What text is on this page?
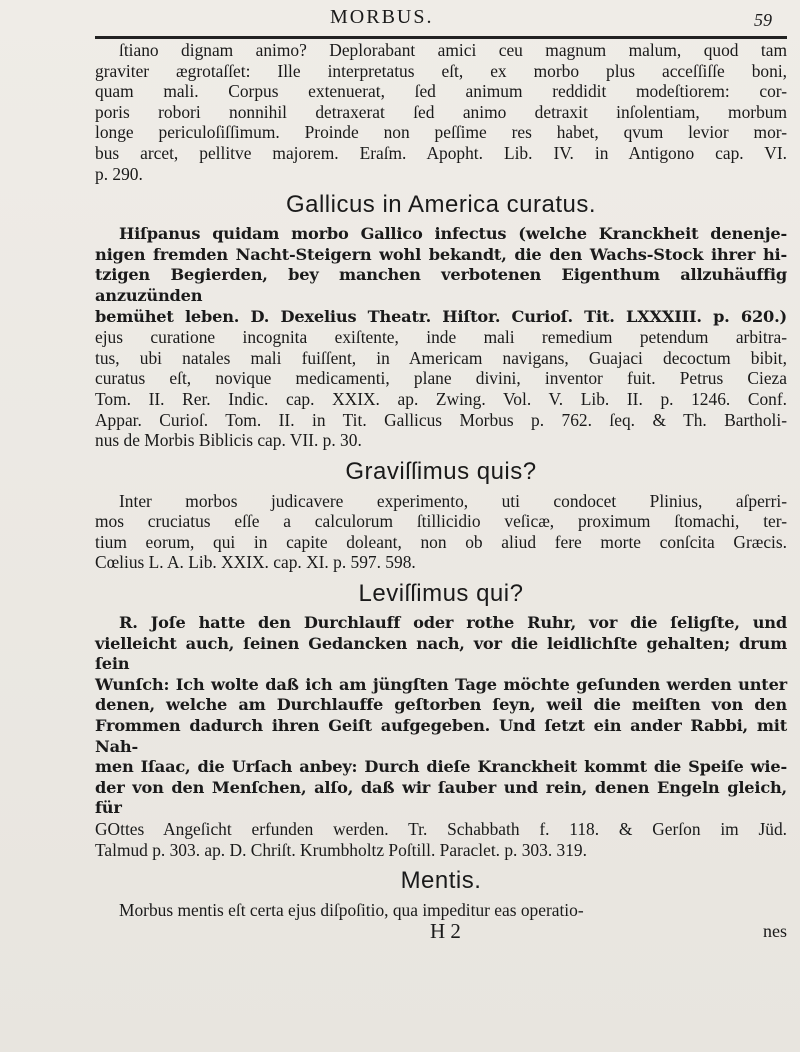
MORBUS.	59

ſtiano dignam animo? Deplorabant amici ceu magnum malum, quod tam
graviter ægrotaſſet: Ille interpretatus eſt, ex morbo plus acceſſiſſe boni,
quam mali. Corpus extenuerat, ſed animum reddidit modeſtiorem: cor-
poris robori nonnihil detraxerat ſed animo detraxit inſolentiam, morbum
longe periculoſiſſimum. Proinde non peſſime res habet, qvum levior mor-
bus arcet, pellitve majorem. Eraſm. Apopht. Lib. IV. in Antigono cap. VI.
p. 290.

Gallicus in America curatus.

Hiſpanus quidam morbo Gallico infectus (welche Kranckheit denenje-
nigen fremden Nacht-Steigern wohl bekandt, die den Wachs-Stock ihrer hi-
tzigen Begierden, bey manchen verbotenen Eigenthum allzuhäuffig anzuzünden
bemühet leben. D. Dexelius Theatr. Hiſtor. Curioſ. Tit. LXXXIII. p. 620.)
ejus curatione incognita exiſtente, inde mali remedium petendum arbitra-
tus, ubi natales mali fuiſſent, in Americam navigans, Guajaci decoctum bibit,
curatus eſt, novique medicamenti, plane divini, inventor fuit. Petrus Cieza
Tom. II. Rer. Indic. cap. XXIX. ap. Zwing. Vol. V. Lib. II. p. 1246. Conf.
Appar. Curioſ. Tom. II. in Tit. Gallicus Morbus p. 762. ſeq. & Th. Bartholi-
nus de Morbis Biblicis cap. VII. p. 30.

Graviſſimus quis?

Inter morbos judicavere experimento, uti condocet Plinius, aſperri-
mos cruciatus eſſe a calculorum ſtillicidio veſicæ, proximum ſtomachi, ter-
tium eorum, qui in capite doleant, non ob aliud fere morte conſcita Græcis.
Cœlius L. A. Lib. XXIX. cap. XI. p. 597. 598.

Leviſſimus qui?

R. Joſe hatte den Durchlauff oder rothe Ruhr, vor die ſeligſte, und
vielleicht auch, ſeinen Gedancken nach, vor die leidlichſte gehalten; drum ſein
Wunſch: Ich wolte daß ich am jüngſten Tage möchte geſunden werden unter
denen, welche am Durchlauffe geſtorben ſeyn, weil die meiſten von den
Frommen dadurch ihren Geiſt aufgegeben. Und ſetzt ein ander Rabbi, mit Nah-
men Iſaac, die Urſach anbey: Durch dieſe Kranckheit kommt die Speiſe wie-
der von den Menſchen, alſo, daß wir ſauber und rein, denen Engeln gleich, für
GOttes Angeſicht erfunden werden. Tr. Schabbath f. 118. & Gerſon im Jüd.
Talmud p. 303. ap. D. Chriſt. Krumbholtz Poſtill. Paraclet. p. 303. 319.

Mentis.

Morbus mentis eſt certa ejus diſpoſitio, qua impeditur eas operatio-

H 2	nes
